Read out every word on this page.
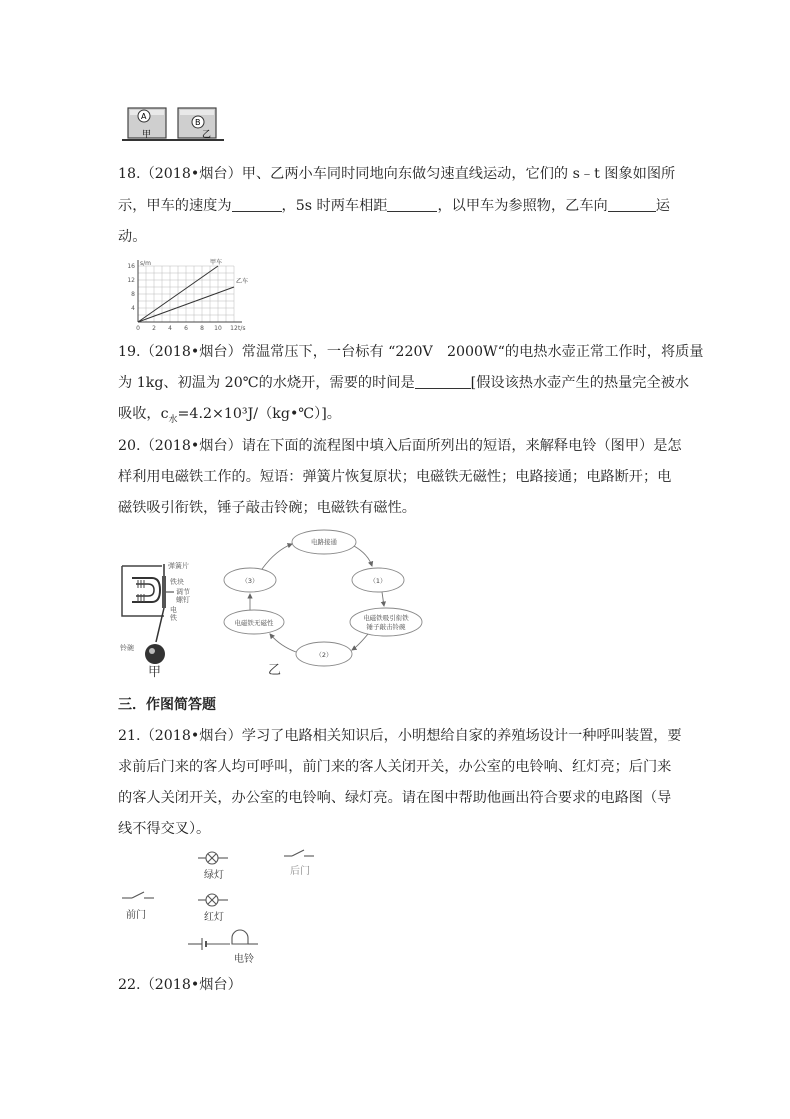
A
B
甲	乙
18.（2018•烟台）甲、乙两小车同时同地向东做匀速直线运动，它们的 s﹣t 图象如图所
示，甲车的速度为	，5s 时两车相距	，以甲车为参照物，乙车向	运
动。
0 2 4 6 8 10 12
4
8
12
16
t/s
s/m	甲车
乙车
19.（2018•烟台）常温常压下，一台标有 “220V　2000W“的电热水壶正常工作时，将质量
为 1kg、初温为 20℃的水烧开，需要的时间是	[假设该热水壶产生的热量完全被水
吸收，$c_水=4.2\times 10^3J/(kg•℃)$]。
20.（2018•烟台）请在下面的流程图中填入后面所列出的短语，来解释电铃（图甲）是怎
样利用电磁铁工作的。短语：弹簧片恢复原状；电磁铁无磁性；电路接通；电路断开；电
磁铁吸引衔铁，锤子敲击铃碗；电磁铁有磁性。
弹簧片
铁块
调节
螺钉
电
铁
铃碗
甲
电路接通
（1）
电磁铁吸引衔铁
锤子敲击铃碗
（2）
电磁铁无磁性
（3）
乙
三．作图简答题
21.（2018•烟台）学习了电路相关知识后，小明想给自家的养殖场设计一种呼叫装置，要
求前后门来的客人均可呼叫，前门来的客人关闭开关，办公室的电铃响、红灯亮；后门来
的客人关闭开关，办公室的电铃响、绿灯亮。请在图中帮助他画出符合要求的电路图（导
线不得交叉）。
绿灯	后门
前门	红灯
电铃
22.（2018•烟台）
